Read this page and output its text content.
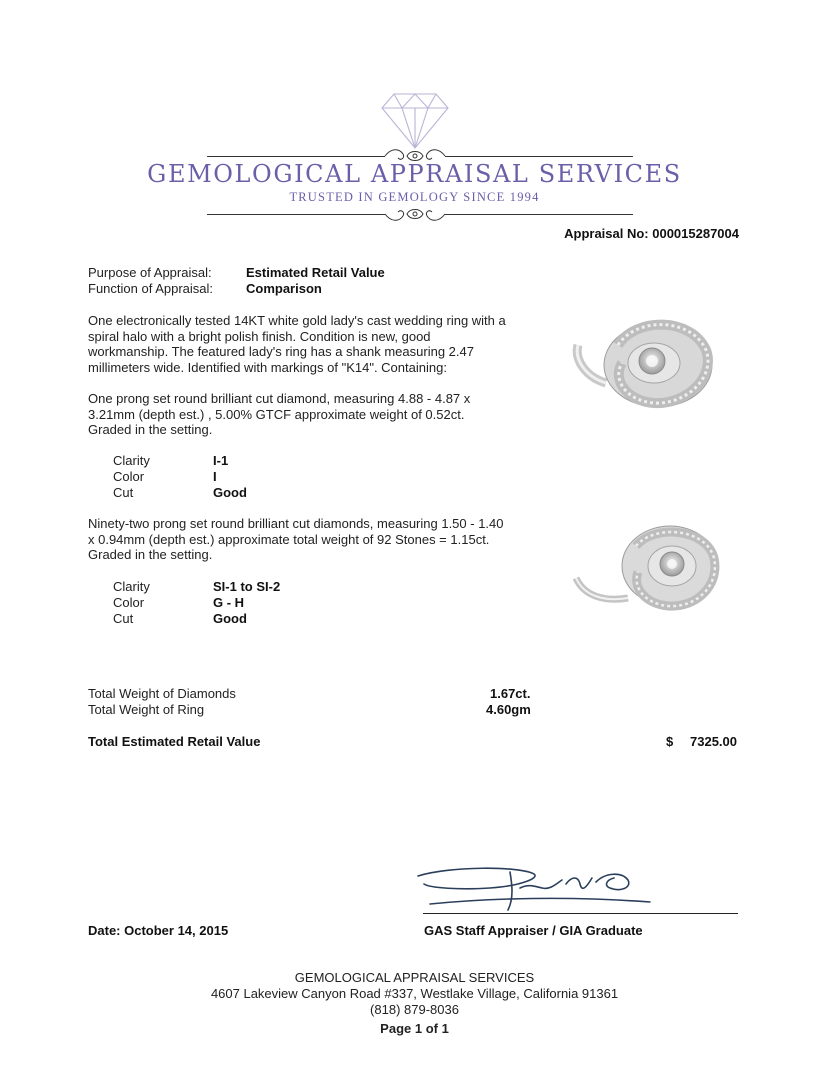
GEMOLOGICAL APPRAISAL SERVICES
TRUSTED IN GEMOLOGY SINCE 1994
Appraisal No: 000015287004
Purpose of Appraisal:	Estimated Retail Value
Function of Appraisal:	Comparison
One electronically tested 14KT white gold lady's cast wedding ring with a spiral halo with a bright polish finish. Condition is new, good workmanship. The featured lady's ring has a shank measuring 2.47 millimeters wide. Identified with markings of "K14". Containing:
One prong set round brilliant cut diamond, measuring 4.88 - 4.87 x 3.21mm (depth est.) , 5.00% GTCF approximate weight of 0.52ct. Graded in the setting.
Clarity	I-1
Color	I
Cut	Good
Ninety-two prong set round brilliant cut diamonds, measuring 1.50 - 1.40 x 0.94mm (depth est.) approximate total weight of 92 Stones = 1.15ct. Graded in the setting.
Clarity	SI-1 to SI-2
Color	G - H
Cut	Good
Total Weight of Diamonds	1.67ct.
Total Weight of Ring	4.60gm
Total Estimated Retail Value	$ 7325.00
Date: October 14, 2015	GAS Staff Appraiser / GIA Graduate
GEMOLOGICAL APPRAISAL SERVICES
4607 Lakeview Canyon Road #337, Westlake Village, California 91361
(818) 879-8036
Page 1 of 1
